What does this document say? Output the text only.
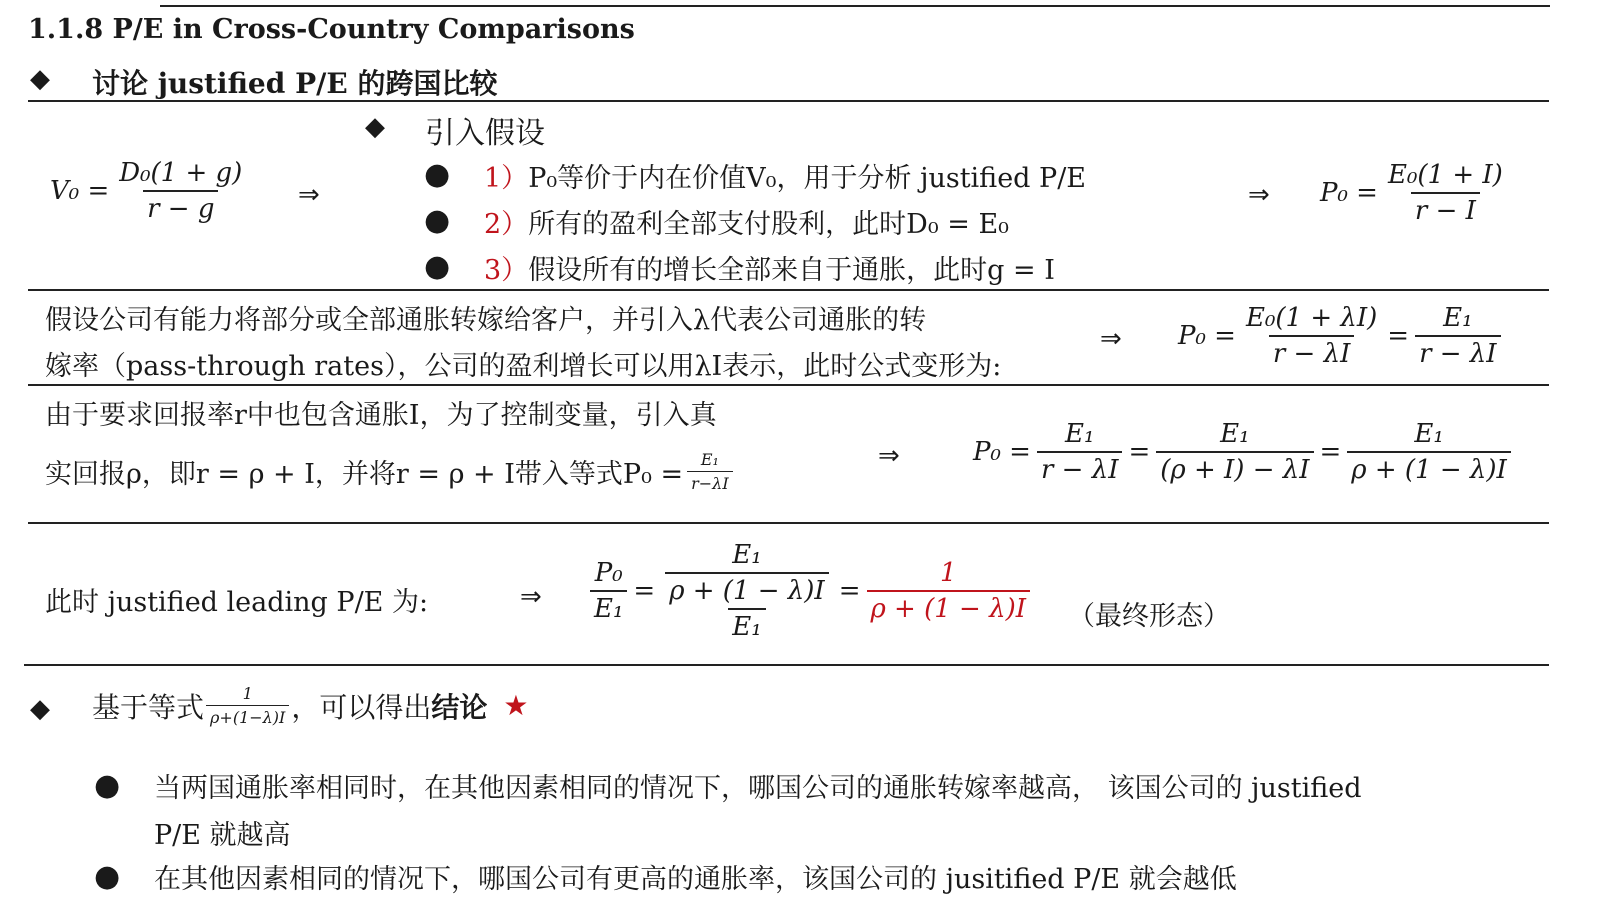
1.1.8 P/E in Cross-Country Comparisons
◆ 讨论 justified P/E 的跨国比较
$V_0 = \frac{\text{D₀(1 + g)}}{r - g}$ ⇒
◆ 引入假设
● 1）P₀等价于内在价值V₀，用于分析 justified P/E
● 2）所有的盈利全部支付股利，此时D₀ = E₀
● 3）假设所有的增长全部来自于通胀，此时g = I
⇒ $P_0 = \frac{\text{E₀(1 + I)}}{r - I}$
假设公司有能力将部分或全部通胀转嫁给客户，并引入λ代表公司通胀的转
嫁率（pass-through rates），公司的盈利增长可以用λI表示，此时公式变形为:
⇒ $P_0 = \frac{\text{E₀(1 + λI)}}{r - \lambda I} = \frac{\text{E₁}}{r - \lambda I}$
由于要求回报率r中也包含通胀I，为了控制变量，引入真
实回报ρ，即r = ρ + I，并将r = ρ + I带入等式$P_0 = \frac{\text{E₁}}{r-\lambda I}$	⇒	$P_0 = \frac{\text{E₁}}{r - \lambda I} = \frac{\text{E₁}}{(\rho + I) - \lambda I} = \frac{\text{E₁}}{\rho + (1 - \lambda)I}$
此时 justified leading P/E 为:	⇒ $\frac{\text{P₀}}{\text{E₁}} = \frac{\frac{\text{E₁}}{\rho + (1 - \lambda)I}}{\text{E₁}} = \frac{1}{\rho + (1 - \lambda)I}$ （最终形态）
◆ 基于等式 $\frac{1}{\rho+(1-\lambda)I}$ ，可以得出 结论 ★
● 当两国通胀率相同时，在其他因素相同的情况下，哪国公司的通胀转嫁率越高， 该国公司的 justified
P/E 就越高
● 在其他因素相同的情况下，哪国公司有更高的通胀率，该国公司的 jusitified P/E 就会越低
